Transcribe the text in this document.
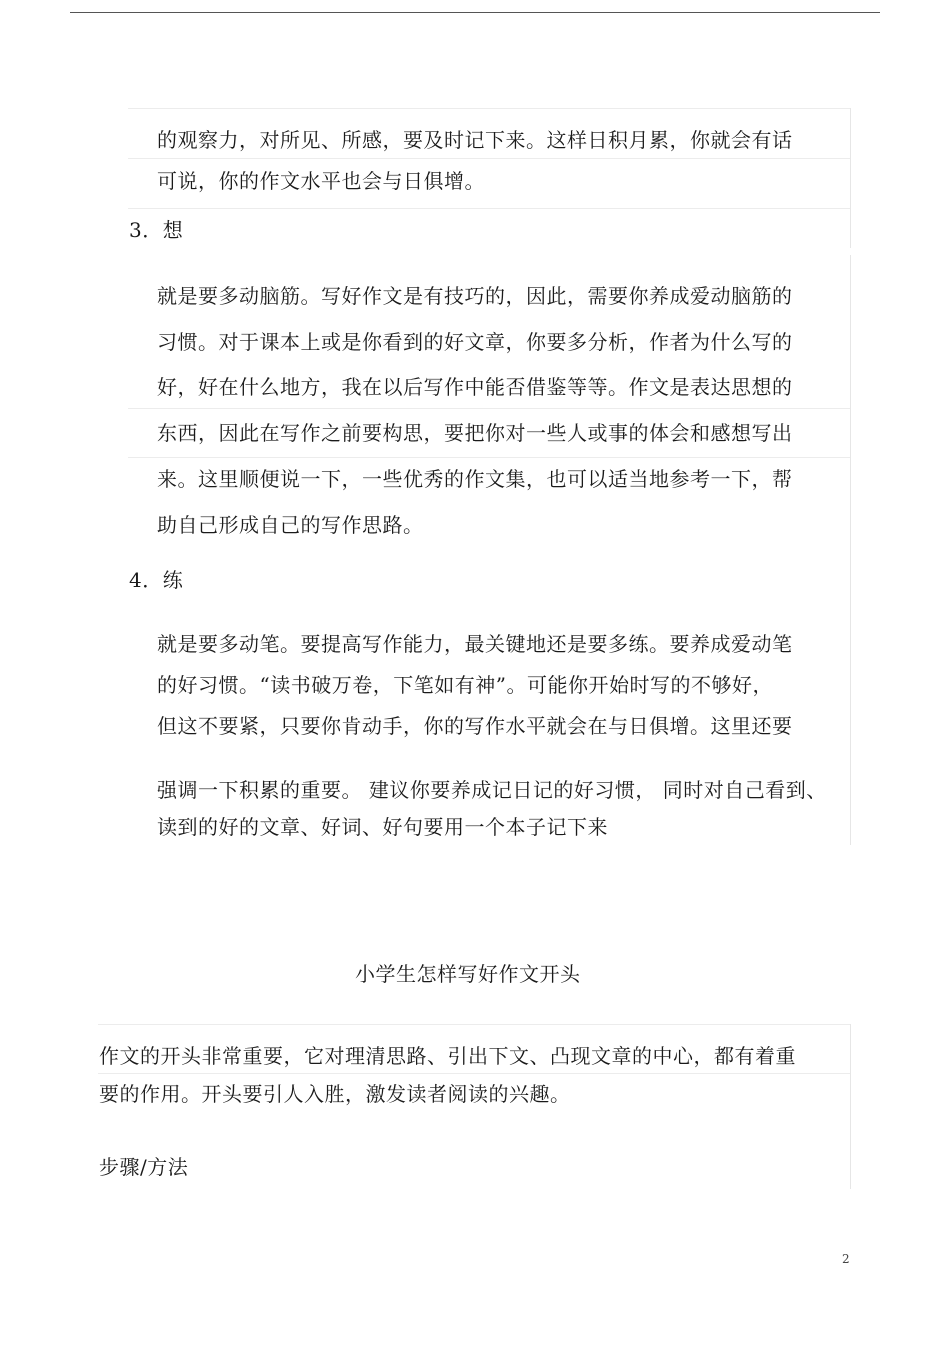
的观察力，对所见、所感，要及时记下来。这样日积月累，你就会有话
可说，你的作文水平也会与日俱增。
3．想
就是要多动脑筋。写好作文是有技巧的，因此，需要你养成爱动脑筋的
习惯。对于课本上或是你看到的好文章，你要多分析，作者为什么写的
好，好在什么地方，我在以后写作中能否借鉴等等。作文是表达思想的
东西，因此在写作之前要构思，要把你对一些人或事的体会和感想写出
来。这里顺便说一下，一些优秀的作文集，也可以适当地参考一下，帮
助自己形成自己的写作思路。
4．练
就是要多动笔。要提高写作能力，最关键地还是要多练。要养成爱动笔
的好习惯。“读书破万卷，下笔如有神”。可能你开始时写的不够好，
但这不要紧，只要你肯动手，你的写作水平就会在与日俱增。这里还要
强调一下积累的重要。 建议你要养成记日记的好习惯， 同时对自己看到、
读到的好的文章、好词、好句要用一个本子记下来
小学生怎样写好作文开头
作文的开头非常重要，它对理清思路、引出下文、凸现文章的中心，都有着重
要的作用。开头要引人入胜，激发读者阅读的兴趣。
步骤/方法
2
